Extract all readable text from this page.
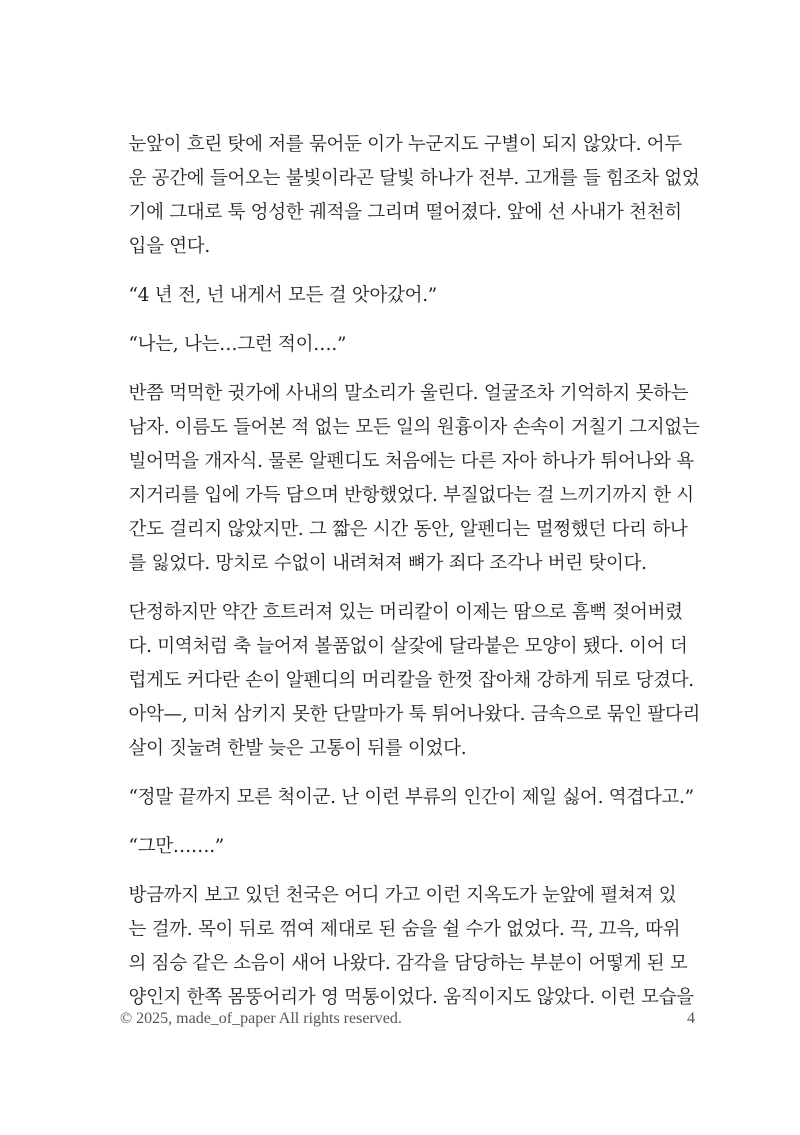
눈앞이 흐린 탓에 저를 묶어둔 이가 누군지도 구별이 되지 않았다. 어두
운 공간에 들어오는 불빛이라곤 달빛 하나가 전부. 고개를 들 힘조차 없었
기에 그대로 툭 엉성한 궤적을 그리며 떨어졌다. 앞에 선 사내가 천천히
입을 연다.

“4 년 전, 넌 내게서 모든 걸 앗아갔어.”

“나는, 나는…그런 적이….”

반쯤 먹먹한 귓가에 사내의 말소리가 울린다. 얼굴조차 기억하지 못하는
남자. 이름도 들어본 적 없는 모든 일의 원흉이자 손속이 거칠기 그지없는
빌어먹을 개자식. 물론 알펜디도 처음에는 다른 자아 하나가 튀어나와 욕
지거리를 입에 가득 담으며 반항했었다. 부질없다는 걸 느끼기까지 한 시
간도 걸리지 않았지만. 그 짧은 시간 동안, 알펜디는 멀쩡했던 다리 하나
를 잃었다. 망치로 수없이 내려쳐져 뼈가 죄다 조각나 버린 탓이다.

단정하지만 약간 흐트러져 있는 머리칼이 이제는 땀으로 흠뻑 젖어버렸
다. 미역처럼 축 늘어져 볼품없이 살갗에 달라붙은 모양이 됐다. 이어 더
럽게도 커다란 손이 알펜디의 머리칼을 한껏 잡아채 강하게 뒤로 당겼다.
아악—, 미처 삼키지 못한 단말마가 툭 튀어나왔다. 금속으로 묶인 팔다리
살이 짓눌려 한발 늦은 고통이 뒤를 이었다.

“정말 끝까지 모른 척이군. 난 이런 부류의 인간이 제일 싫어. 역겹다고.”

“그만…….”

방금까지 보고 있던 천국은 어디 가고 이런 지옥도가 눈앞에 펼쳐져 있
는 걸까. 목이 뒤로 꺾여 제대로 된 숨을 쉴 수가 없었다. 끅, 끄윽, 따위
의 짐승 같은 소음이 새어 나왔다. 감각을 담당하는 부분이 어떻게 된 모
양인지 한쪽 몸뚱어리가 영 먹통이었다. 움직이지도 않았다. 이런 모습을

© 2025, made_of_paper All rights reserved.	4
